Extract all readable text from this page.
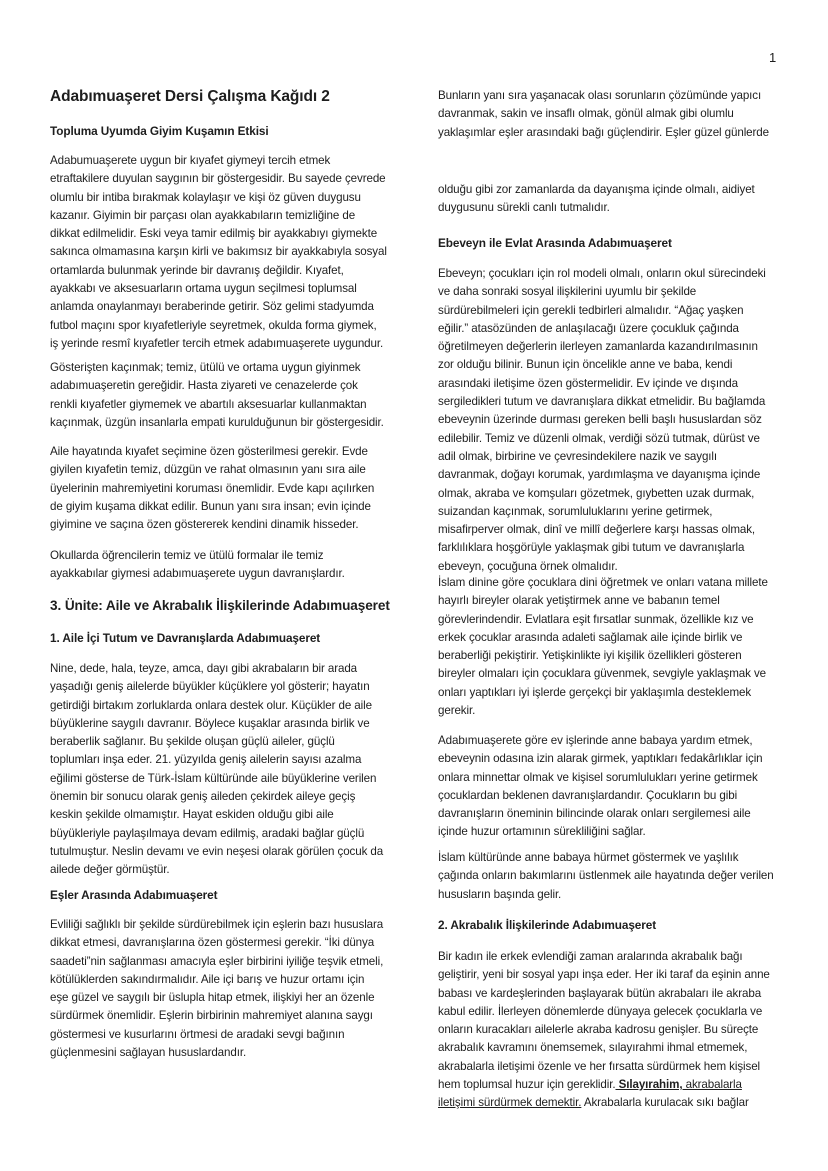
1
Adabımuaşeret Dersi Çalışma Kağıdı 2
Topluma Uyumda Giyim Kuşamın Etkisi
Adabumuaşerete uygun bir kıyafet giymeyi tercih etmek
etraftakilere duyulan saygının bir göstergesidir. Bu sayede çevrede
olumlu bir intiba bırakmak kolaylaşır ve kişi öz güven duygusu
kazanır. Giyimin bir parçası olan ayakkabıların temizliğine de
dikkat edilmelidir. Eski veya tamir edilmiş bir ayakkabıyı giymekte
sakınca olmamasına karşın kirli ve bakımsız bir ayakkabıyla sosyal
ortamlarda bulunmak yerinde bir davranış değildir. Kıyafet,
ayakkabı ve aksesuarların ortama uygun seçilmesi toplumsal
anlamda onaylanmayı beraberinde getirir. Söz gelimi stadyumda
futbol maçını spor kıyafetleriyle seyretmek, okulda forma giymek,
iş yerinde resmî kıyafetler tercih etmek adabımuaşerete uygundur.
Gösterişten kaçınmak; temiz, ütülü ve ortama uygun giyinmek
adabımuaşeretin gereğidir. Hasta ziyareti ve cenazelerde çok
renkli kıyafetler giymemek ve abartılı aksesuarlar kullanmaktan
kaçınmak, üzgün insanlarla empati kurulduğunun bir göstergesidir.
Aile hayatında kıyafet seçimine özen gösterilmesi gerekir. Evde
giyilen kıyafetin temiz, düzgün ve rahat olmasının yanı sıra aile
üyelerinin mahremiyetini koruması önemlidir. Evde kapı açılırken
de giyim kuşama dikkat edilir. Bunun yanı sıra insan; evin içinde
giyimine ve saçına özen göstererek kendini dinamik hisseder.
Okullarda öğrencilerin temiz ve ütülü formalar ile temiz
ayakkabılar giymesi adabımuaşerete uygun davranışlardır.
3. Ünite: Aile ve Akrabalık İlişkilerinde Adabımuaşeret
1. Aile İçi Tutum ve Davranışlarda Adabımuaşeret
Nine, dede, hala, teyze, amca, dayı gibi akrabaların bir arada
yaşadığı geniş ailelerde büyükler küçüklere yol gösterir; hayatın
getirdiği birtakım zorluklarda onlara destek olur. Küçükler de aile
büyüklerine saygılı davranır. Böylece kuşaklar arasında birlik ve
beraberlik sağlanır. Bu şekilde oluşan güçlü aileler, güçlü
toplumları inşa eder. 21. yüzyılda geniş ailelerin sayısı azalma
eğilimi gösterse de Türk-İslam kültüründe aile büyüklerine verilen
önemin bir sonucu olarak geniş aileden çekirdek aileye geçiş
keskin şekilde olmamıştır. Hayat eskiden olduğu gibi aile
büyükleriyle paylaşılmaya devam edilmiş, aradaki bağlar güçlü
tutulmuştur. Neslin devamı ve evin neşesi olarak görülen çocuk da
ailede değer görmüştür.
Eşler Arasında Adabımuaşeret
Evliliği sağlıklı bir şekilde sürdürebilmek için eşlerin bazı hususlara
dikkat etmesi, davranışlarına özen göstermesi gerekir. “İki dünya
saadeti”nin sağlanması amacıyla eşler birbirini iyiliğe teşvik etmeli,
kötülüklerden sakındırmalıdır. Aile içi barış ve huzur ortamı için
eşe güzel ve saygılı bir üslupla hitap etmek, ilişkiyi her an özenle
sürdürmek önemlidir. Eşlerin birbirinin mahremiyet alanına saygı
göstermesi ve kusurlarını örtmesi de aradaki sevgi bağının
güçlenmesini sağlayan hususlardandır.
Bunların yanı sıra yaşanacak olası sorunların çözümünde yapıcı
davranmak, sakin ve insaflı olmak, gönül almak gibi olumlu
yaklaşımlar eşler arasındaki bağı güçlendirir. Eşler güzel günlerde
olduğu gibi zor zamanlarda da dayanışma içinde olmalı, aidiyet
duygusunu sürekli canlı tutmalıdır.
Ebeveyn ile Evlat Arasında Adabımuaşeret
Ebeveyn; çocukları için rol modeli olmalı, onların okul sürecindeki
ve daha sonraki sosyal ilişkilerini uyumlu bir şekilde
sürdürebilmeleri için gerekli tedbirleri almalıdır. “Ağaç yaşken
eğilir.” atasözünden de anlaşılacağı üzere çocukluk çağında
öğretilmeyen değerlerin ilerleyen zamanlarda kazandırılmasının
zor olduğu bilinir. Bunun için öncelikle anne ve baba, kendi
arasındaki iletişime özen göstermelidir. Ev içinde ve dışında
sergiledikleri tutum ve davranışlara dikkat etmelidir. Bu bağlamda
ebeveynin üzerinde durması gereken belli başlı hususlardan söz
edilebilir. Temiz ve düzenli olmak, verdiği sözü tutmak, dürüst ve
adil olmak, birbirine ve çevresindekilere nazik ve saygılı
davranmak, doğayı korumak, yardımlaşma ve dayanışma içinde
olmak, akraba ve komşuları gözetmek, gıybetten uzak durmak,
suizandan kaçınmak, sorumluluklarını yerine getirmek,
misafirperver olmak, dinî ve millî değerlere karşı hassas olmak,
farklılıklara hoşgörüyle yaklaşmak gibi tutum ve davranışlarla
ebeveyn, çocuğuna örnek olmalıdır.
İslam dinine göre çocuklara dini öğretmek ve onları vatana millete
hayırlı bireyler olarak yetiştirmek anne ve babanın temel
görevlerindendir. Evlatlara eşit fırsatlar sunmak, özellikle kız ve
erkek çocuklar arasında adaleti sağlamak aile içinde birlik ve
beraberliği pekiştirir. Yetişkinlikte iyi kişilik özellikleri gösteren
bireyler olmaları için çocuklara güvenmek, sevgiyle yaklaşmak ve
onları yaptıkları iyi işlerde gerçekçi bir yaklaşımla desteklemek
gerekir.
Adabımuaşerete göre ev işlerinde anne babaya yardım etmek,
ebeveynin odasına izin alarak girmek, yaptıkları fedakârlıklar için
onlara minnettar olmak ve kişisel sorumlulukları yerine getirmek
çocuklardan beklenen davranışlardandır. Çocukların bu gibi
davranışların öneminin bilincinde olarak onları sergilemesi aile
içinde huzur ortamının sürekliliğini sağlar.
İslam kültüründe anne babaya hürmet göstermek ve yaşlılık
çağında onların bakımlarını üstlenmek aile hayatında değer verilen
hususların başında gelir.
2. Akrabalık İlişkilerinde Adabımuaşeret
Bir kadın ile erkek evlendiği zaman aralarında akrabalık bağı
geliştirir, yeni bir sosyal yapı inşa eder. Her iki taraf da eşinin anne
babası ve kardeşlerinden başlayarak bütün akrabaları ile akraba
kabul edilir. İlerleyen dönemlerde dünyaya gelecek çocuklarla ve
onların kuracakları ailelerle akraba kadrosu genişler. Bu süreçte
akrabalık kavramını önemsemek, sılayırahmi ihmal etmemek,
akrabalarla iletişimi özenle ve her fırsatta sürdürmek hem kişisel
hem toplumsal huzur için gereklidir. Sılayırahim, akrabalarla
iletişimi sürdürmek demektir. Akrabalarla kurulacak sıkı bağlar
